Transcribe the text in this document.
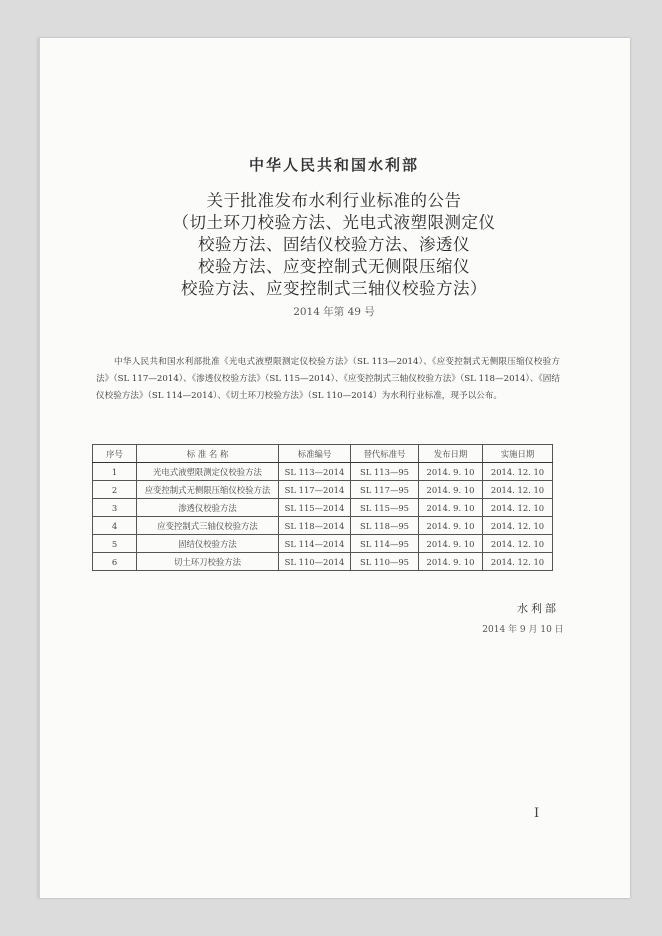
中华人民共和国水利部
关于批准发布水利行业标准的公告
（切土环刀校验方法、光电式液塑限测定仪
校验方法、固结仪校验方法、渗透仪
校验方法、应变控制式无侧限压缩仪
校验方法、应变控制式三轴仪校验方法）
2014 年第 49 号
中华人民共和国水利部批准《光电式液塑限测定仪校验方法》（SL 113—2014）、《应变控制式无侧限压缩仪校验方法》（SL 117—2014）、《渗透仪校验方法》（SL 115—2014）、《应变控制式三轴仪校验方法》（SL 118—2014）、《固结仪校验方法》（SL 114—2014）、《切土环刀校验方法》（SL 110—2014）为水利行业标准，现予以公布。
序号	标 准 名 称	标准编号	替代标准号	发布日期	实施日期
1	光电式液塑限测定仪校验方法	SL 113—2014	SL 113—95	2014. 9. 10	2014. 12. 10
2	应变控制式无侧限压缩仪校验方法	SL 117—2014	SL 117—95	2014. 9. 10	2014. 12. 10
3	渗透仪校验方法	SL 115—2014	SL 115—95	2014. 9. 10	2014. 12. 10
4	应变控制式三轴仪校验方法	SL 118—2014	SL 118—95	2014. 9. 10	2014. 12. 10
5	固结仪校验方法	SL 114—2014	SL 114—95	2014. 9. 10	2014. 12. 10
6	切土环刀校验方法	SL 110—2014	SL 110—95	2014. 9. 10	2014. 12. 10
水利部
2014 年 9 月 10 日
I
